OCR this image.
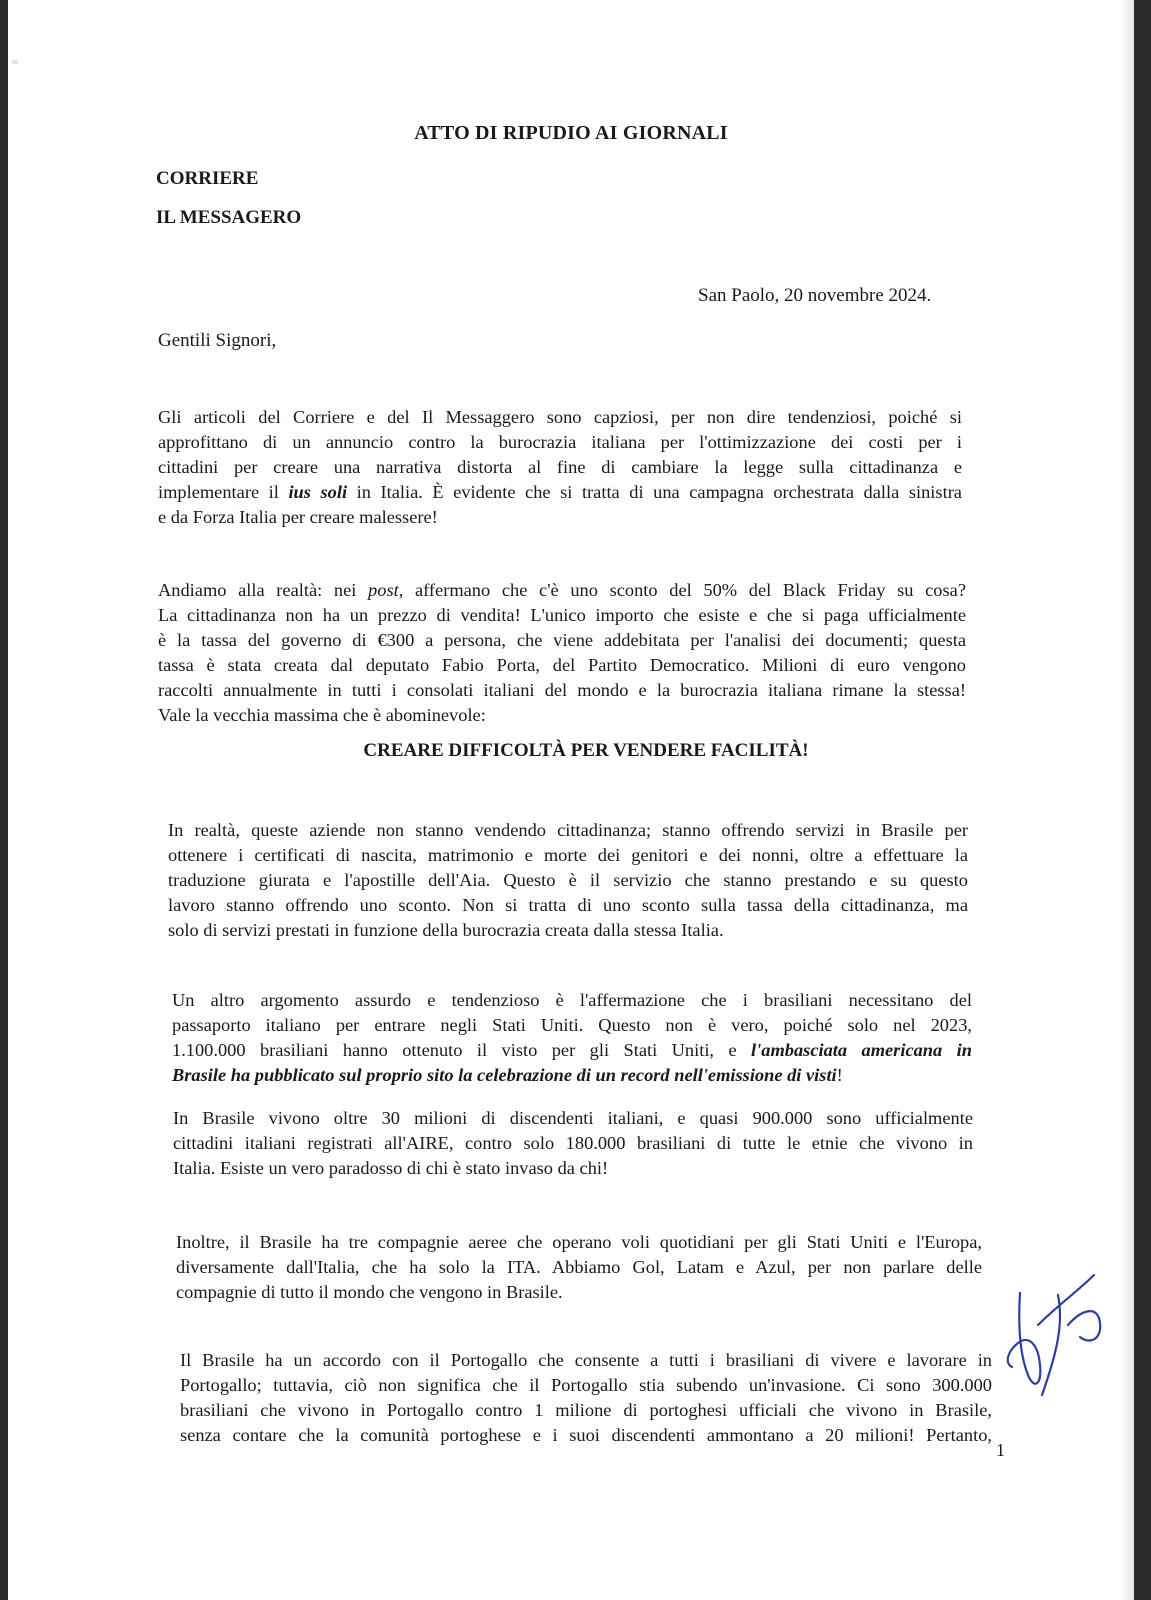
ATTO DI RIPUDIO AI GIORNALI
CORRIERE
IL MESSAGERO
San Paolo, 20 novembre 2024.
Gentili Signori,
Gli articoli del Corriere e del Il Messaggero sono capziosi, per non dire tendenziosi, poiché si
approfittano di un annuncio contro la burocrazia italiana per l'ottimizzazione dei costi per i
cittadini per creare una narrativa distorta al fine di cambiare la legge sulla cittadinanza e
implementare il ius soli in Italia. È evidente che si tratta di una campagna orchestrata dalla sinistra
e da Forza Italia per creare malessere!
Andiamo alla realtà: nei post, affermano che c'è uno sconto del 50% del Black Friday su cosa?
La cittadinanza non ha un prezzo di vendita! L'unico importo che esiste e che si paga ufficialmente
è la tassa del governo di €300 a persona, che viene addebitata per l'analisi dei documenti; questa
tassa è stata creata dal deputato Fabio Porta, del Partito Democratico. Milioni di euro vengono
raccolti annualmente in tutti i consolati italiani del mondo e la burocrazia italiana rimane la stessa!
Vale la vecchia massima che è abominevole:
CREARE DIFFICOLTÀ PER VENDERE FACILITÀ!
In realtà, queste aziende non stanno vendendo cittadinanza; stanno offrendo servizi in Brasile per
ottenere i certificati di nascita, matrimonio e morte dei genitori e dei nonni, oltre a effettuare la
traduzione giurata e l'apostille dell'Aia. Questo è il servizio che stanno prestando e su questo
lavoro stanno offrendo uno sconto. Non si tratta di uno sconto sulla tassa della cittadinanza, ma
solo di servizi prestati in funzione della burocrazia creata dalla stessa Italia.
Un altro argomento assurdo e tendenzioso è l'affermazione che i brasiliani necessitano del
passaporto italiano per entrare negli Stati Uniti. Questo non è vero, poiché solo nel 2023,
1.100.000 brasiliani hanno ottenuto il visto per gli Stati Uniti, e l'ambasciata americana in
Brasile ha pubblicato sul proprio sito la celebrazione di un record nell'emissione di visti!
In Brasile vivono oltre 30 milioni di discendenti italiani, e quasi 900.000 sono ufficialmente
cittadini italiani registrati all'AIRE, contro solo 180.000 brasiliani di tutte le etnie che vivono in
Italia. Esiste un vero paradosso di chi è stato invaso da chi!
Inoltre, il Brasile ha tre compagnie aeree che operano voli quotidiani per gli Stati Uniti e l'Europa,
diversamente dall'Italia, che ha solo la ITA. Abbiamo Gol, Latam e Azul, per non parlare delle
compagnie di tutto il mondo che vengono in Brasile.
Il Brasile ha un accordo con il Portogallo che consente a tutti i brasiliani di vivere e lavorare in
Portogallo; tuttavia, ciò non significa che il Portogallo stia subendo un'invasione. Ci sono 300.000
brasiliani che vivono in Portogallo contro 1 milione di portoghesi ufficiali che vivono in Brasile,
senza contare che la comunità portoghese e i suoi discendenti ammontano a 20 milioni! Pertanto,
1
